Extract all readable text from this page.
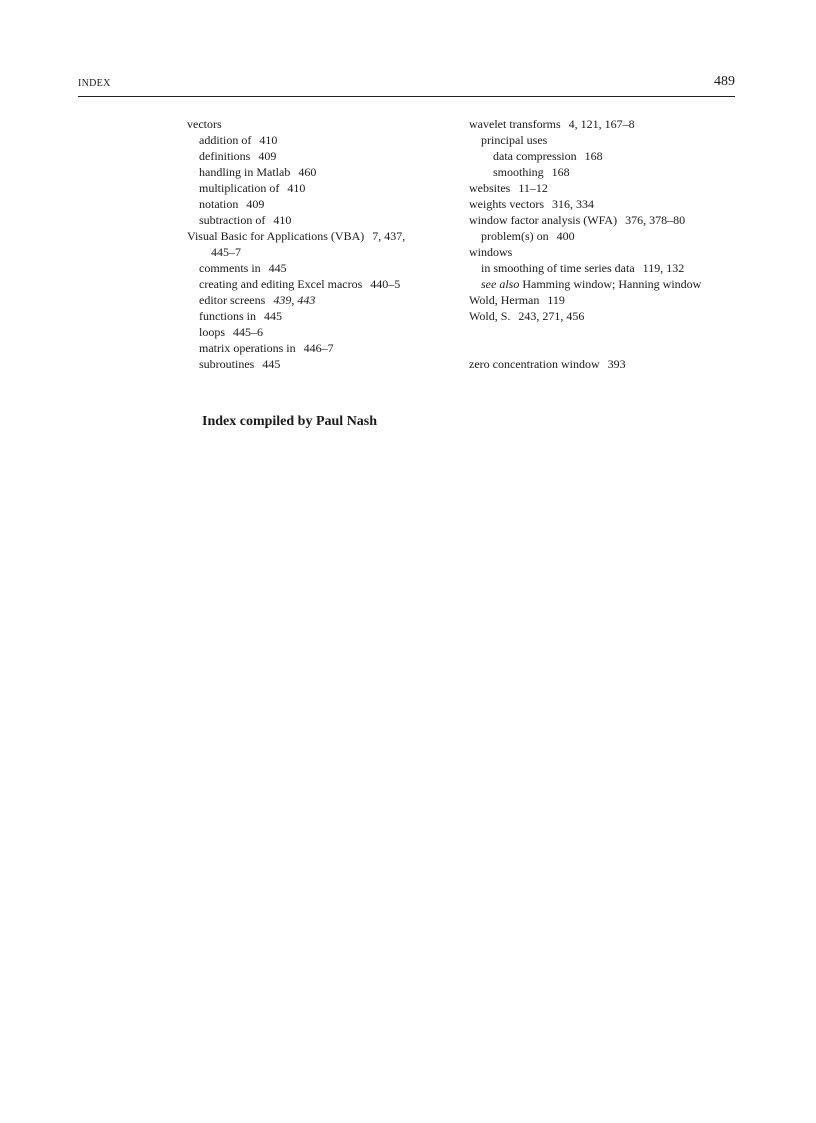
INDEX	489
vectors
addition of 410
definitions 409
handling in Matlab 460
multiplication of 410
notation 409
subtraction of 410
Visual Basic for Applications (VBA) 7, 437,
445–7
comments in 445
creating and editing Excel macros 440–5
editor screens 439, 443
functions in 445
loops 445–6
matrix operations in 446–7
subroutines 445
wavelet transforms 4, 121, 167–8
principal uses
data compression 168
smoothing 168
websites 11–12
weights vectors 316, 334
window factor analysis (WFA) 376, 378–80
problem(s) on 400
windows
in smoothing of time series data 119, 132
see also Hamming window; Hanning window
Wold, Herman 119
Wold, S. 243, 271, 456
zero concentration window 393
Index compiled by Paul Nash
